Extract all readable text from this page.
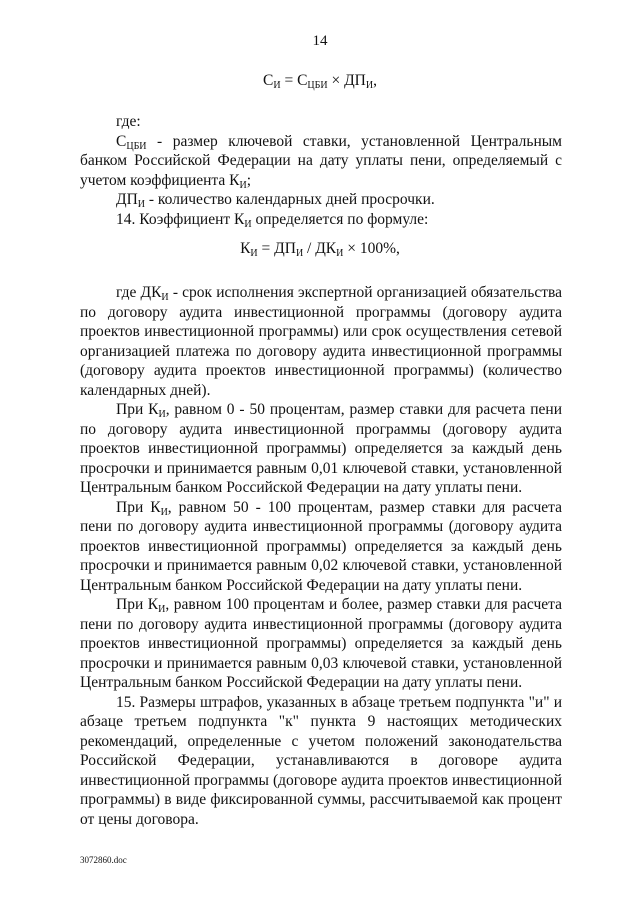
14
$С_И = С_{ЦБИ} \times ДП_И$,

где:

$С_{ЦБИ}$ - размер ключевой ставки, установленной Центральным банком Российской Федерации на дату уплаты пени, определяемый с учетом коэффициента $К_И$;

$ДП_И$ - количество календарных дней просрочки.

14. Коэффициент $К_И$ определяется по формуле:

$К_И = ДП_И / ДК_И \times 100\%$,

где $ДК_И$ - срок исполнения экспертной организацией обязательства по договору аудита инвестиционной программы (договору аудита проектов инвестиционной программы) или срок осуществления сетевой организацией платежа по договору аудита инвестиционной программы (договору аудита проектов инвестиционной программы) (количество календарных дней).

При $К_И$, равном 0 - 50 процентам, размер ставки для расчета пени по договору аудита инвестиционной программы (договору аудита проектов инвестиционной программы) определяется за каждый день просрочки и принимается равным 0,01 ключевой ставки, установленной Центральным банком Российской Федерации на дату уплаты пени.

При $К_И$, равном 50 - 100 процентам, размер ставки для расчета пени по договору аудита инвестиционной программы (договору аудита проектов инвестиционной программы) определяется за каждый день просрочки и принимается равным 0,02 ключевой ставки, установленной Центральным банком Российской Федерации на дату уплаты пени.

При $К_И$, равном 100 процентам и более, размер ставки для расчета пени по договору аудита инвестиционной программы (договору аудита проектов инвестиционной программы) определяется за каждый день просрочки и принимается равным 0,03 ключевой ставки, установленной Центральным банком Российской Федерации на дату уплаты пени.

15. Размеры штрафов, указанных в абзаце третьем подпункта "и" и абзаце третьем подпункта "к" пункта 9 настоящих методических рекомендаций, определенные с учетом положений законодательства Российской Федерации, устанавливаются в договоре аудита инвестиционной программы (договоре аудита проектов инвестиционной программы) в виде фиксированной суммы, рассчитываемой как процент от цены договора.

3072860.doc
